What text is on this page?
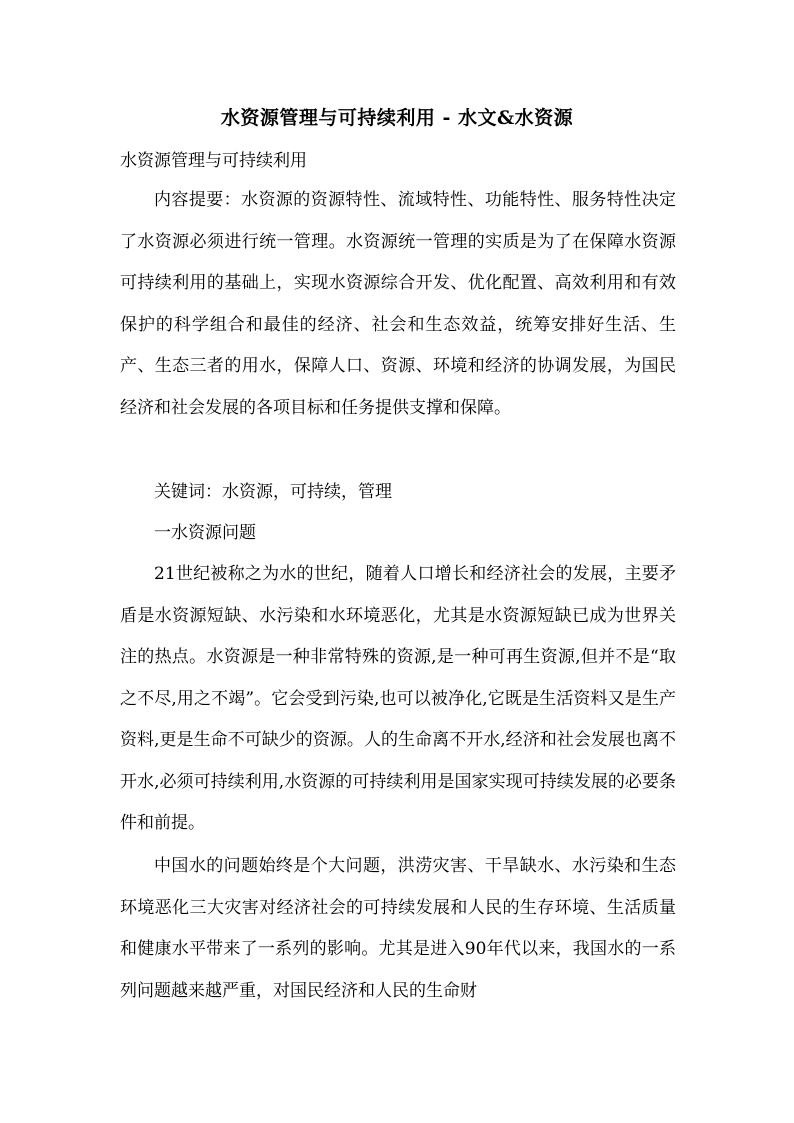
水资源管理与可持续利用 - 水文&水资源
水资源管理与可持续利用

内容提要：水资源的资源特性、流域特性、功能特性、服务特性决定了水资源必须进行统一管理。水资源统一管理的实质是为了在保障水资源可持续利用的基础上，实现水资源综合开发、优化配置、高效利用和有效保护的科学组合和最佳的经济、社会和生态效益，统筹安排好生活、生产、生态三者的用水，保障人口、资源、环境和经济的协调发展，为国民经济和社会发展的各项目标和任务提供支撑和保障。

关键词：水资源，可持续，管理

一水资源问题

21世纪被称之为水的世纪，随着人口增长和经济社会的发展，主要矛盾是水资源短缺、水污染和水环境恶化，尤其是水资源短缺已成为世界关注的热点。水资源是一种非常特殊的资源,是一种可再生资源,但并不是“取之不尽,用之不竭”。它会受到污染,也可以被净化,它既是生活资料又是生产资料,更是生命不可缺少的资源。人的生命离不开水,经济和社会发展也离不开水,必须可持续利用,水资源的可持续利用是国家实现可持续发展的必要条件和前提。

中国水的问题始终是个大问题，洪涝灾害、干旱缺水、水污染和生态环境恶化三大灾害对经济社会的可持续发展和人民的生存环境、生活质量和健康水平带来了一系列的影响。尤其是进入90年代以来，我国水的一系列问题越来越严重，对国民经济和人民的生命财
